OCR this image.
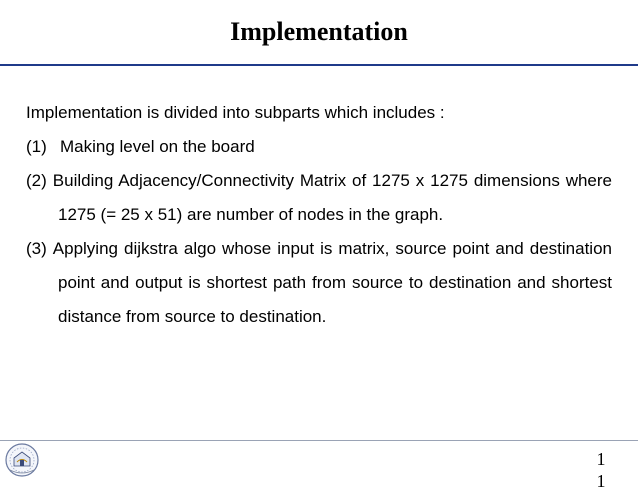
Implementation

Implementation is divided into subparts which includes :

(1) Making level on the board
(2) Building Adjacency/Connectivity Matrix of 1275 x 1275 dimensions where 1275 (= 25 x 51) are number of nodes in the graph.
(3) Applying dijkstra algo whose input is matrix, source point and destination point and output is shortest path from source to destination and shortest distance from source to destination.
11
